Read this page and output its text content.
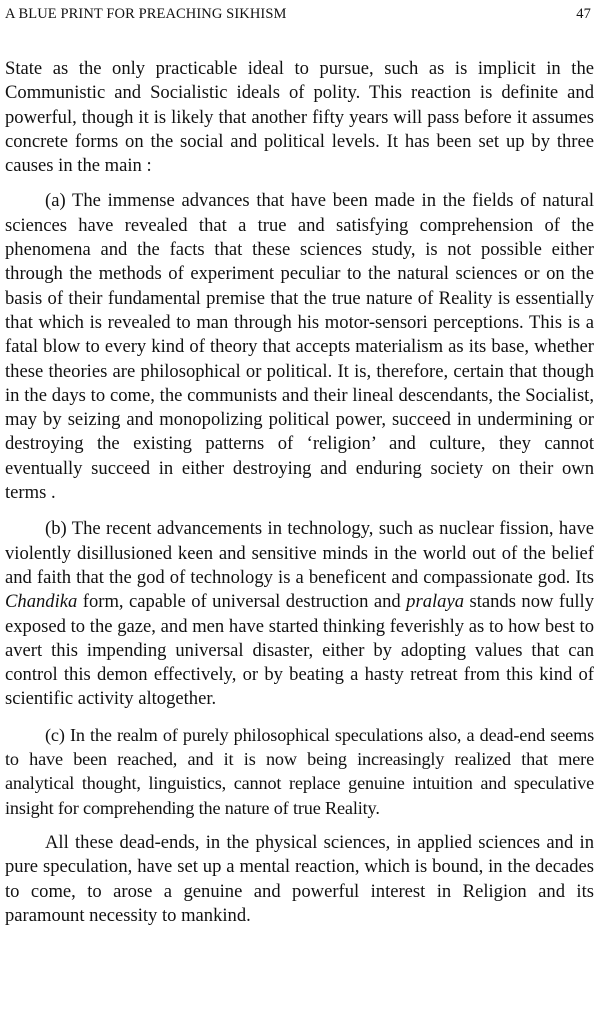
A BLUE PRINT FOR PREACHING SIKHISM	47

State as the only practicable ideal to pursue, such as is implicit in the Communistic and Socialistic ideals of polity. This reaction is definite and powerful, though it is likely that another fifty years will pass before it assumes concrete forms on the social and political levels. It has been set up by three causes in the main :

(a) The immense advances that have been made in the fields of natural sciences have revealed that a true and satisfying comprehension of the phenomena and the facts that these sciences study, is not possible either through the methods of experiment peculiar to the natural sciences or on the basis of their fundamental premise that the true nature of Reality is essentially that which is revealed to man through his motor-sensori perceptions. This is a fatal blow to every kind of theory that accepts materialism as its base, whether these theories are philosophical or political. It is, therefore, certain that though in the days to come, the communists and their lineal descendants, the Socialist, may by seizing and monopolizing political power, succeed in undermining or destroying the existing patterns of ‘religion’ and culture, they cannot eventually succeed in either destroying and enduring society on their own terms .

(b) The recent advancements in technology, such as nuclear fission, have violently disillusioned keen and sensitive minds in the world out of the belief and faith that the god of technology is a beneficent and compassionate god. Its Chandika form, capable of universal destruction and pralaya stands now fully exposed to the gaze, and men have started thinking feverishly as to how best to avert this impending universal disaster, either by adopting values that can control this demon effectively, or by beating a hasty retreat from this kind of scientific activity altogether.

(c) In the realm of purely philosophical speculations also, a dead-end seems to have been reached, and it is now being increasingly realized that mere analytical thought, linguistics, cannot replace genuine intuition and speculative insight for comprehending the nature of true Reality.

All these dead-ends, in the physical sciences, in applied sciences and in pure speculation, have set up a mental reaction, which is bound, in the decades to come, to arose a genuine and powerful interest in Religion and its paramount necessity to mankind.
